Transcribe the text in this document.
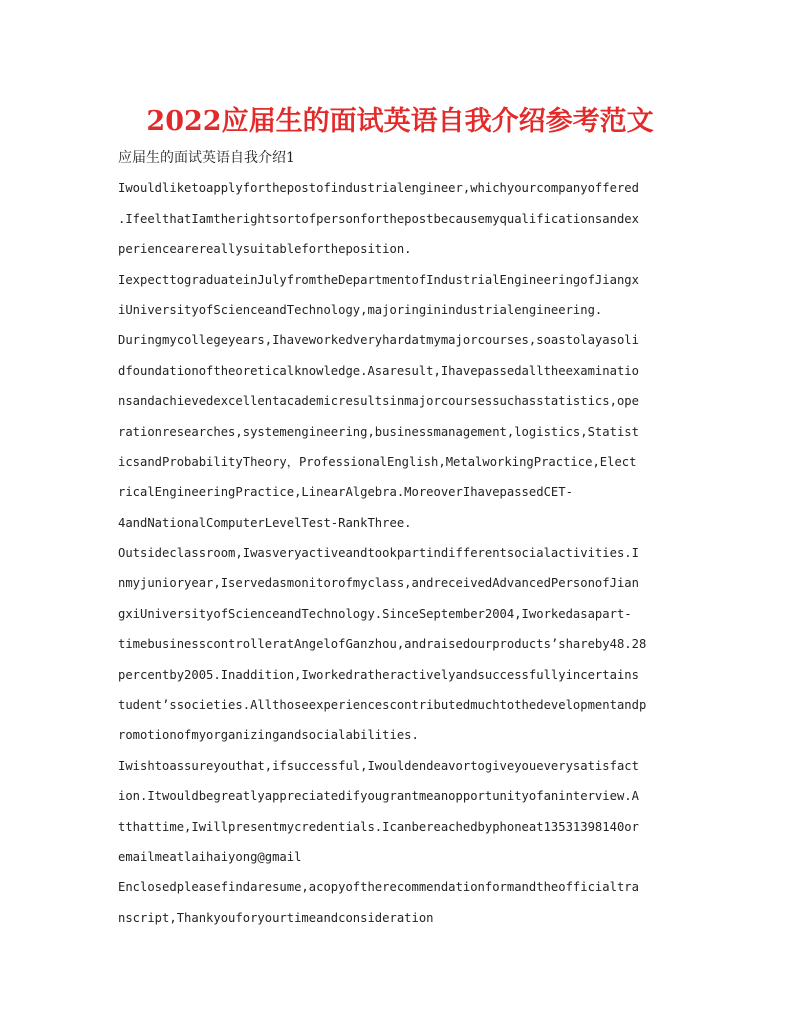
2022应届生的面试英语自我介绍参考范文
应届生的面试英语自我介绍1
Iwouldliketoapplyforthepostofindustrialengineer,whichyourcompanyoffered
.IfeelthatIamtherightsortofpersonforthepostbecausemyqualificationsandex
periencearereallysuitablefortheposition.
IexpecttograduateinJulyfromtheDepartmentofIndustrialEngineeringofJiangx
iUniversityofScienceandTechnology,majoringinindustrialengineering.
Duringmycollegeyears,Ihaveworkedveryhardatmymajorcourses,soastolayasoli
dfoundationoftheoreticalknowledge.Asaresult,Ihavepassedalltheexaminatio
nsandachievedexcellentacademicresultsinmajorcoursessuchasstatistics,ope
rationresearches,systemengineering,businessmanagement,logistics,Statist
icsandProbabilityTheory，ProfessionalEnglish,MetalworkingPractice,Elect
ricalEngineeringPractice,LinearAlgebra.MoreoverIhavepassedCET-
4andNationalComputerLevelTest-RankThree.
Outsideclassroom,Iwasveryactiveandtookpartindifferentsocialactivities.I
nmyjunioryear,Iservedasmonitorofmyclass,andreceivedAdvancedPersonofJian
gxiUniversityofScienceandTechnology.SinceSeptember2004,Iworkedasapart-
timebusinesscontrolleratAngelofGanzhou,andraisedourproducts’shareby48.28
percentby2005.Inaddition,Iworkedratheractivelyandsuccessfullyincertains
tudent’ssocieties.Allthoseexperiencescontributedmuchtothedevelopmentandp
romotionofmyorganizingandsocialabilities.
Iwishtoassureyouthat,ifsuccessful,Iwouldendeavortogiveyoueverysatisfact
ion.Itwouldbegreatlyappreciatedifyougrantmeanopportunityofaninterview.A
tthattime,Iwillpresentmycredentials.Icanbereachedbyphoneat13531398140or
emailmeatlaihaiyong@gmail
Enclosedpleasefindaresume,acopyoftherecommendationformandtheofficialtra
nscript,Thankyouforyourtimeandconsideration
